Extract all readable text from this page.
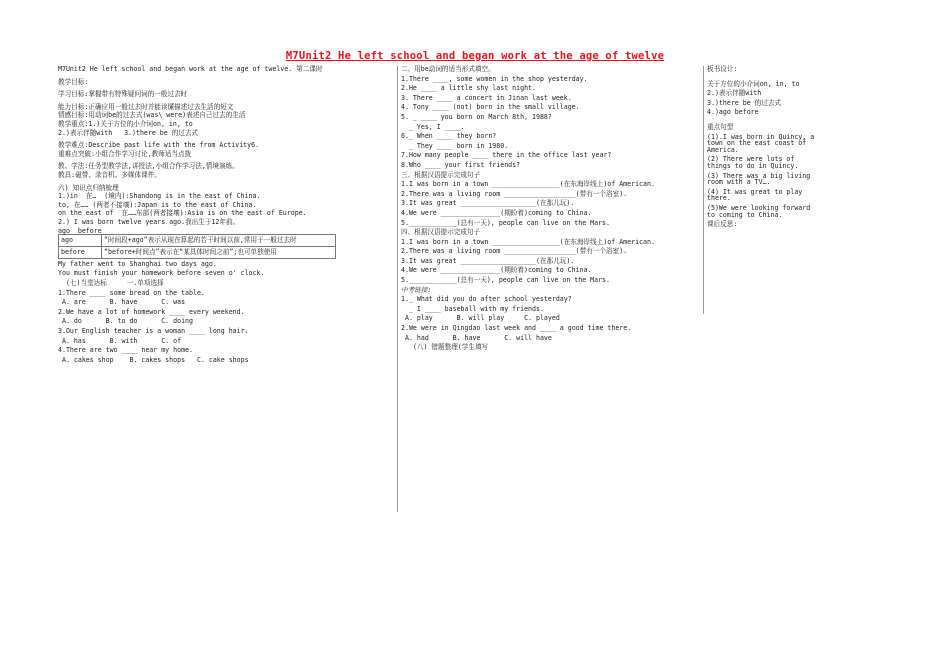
M7Unit2 He left school and began work at the age of twelve

M7Unit2 He left school and began work at the age of twelve. 第二课时

教学目标:

学习目标:掌握带有特殊疑问词的一般过去时

能力目标:正确应用一般过去时并能读懂描述过去生活的短文

情感目标:用动词be的过去式(was\ were)表述自己过去的生活

教学重点:1.)关于方位的小介词on, in, to

2.)表示伴随with   3.)there be 的过去式

教学难点:Describe past life with the from Activity6.

重难点突破:小组合作学习讨论,教师适当点拨

教、学法:任务型教学法,讲授法,小组合作学习法,情境演练。

教具:磁带、录音机、多媒体课件。

六) 知识点归纳梳理

1.)in  在…  (境内):Shandong is in the east of China.

to, 在…… (两者不接壤):Japan is to the east of China.

on the east of  在……东部(两者接壤):Asia is on the east of Europe.

2.) I was born twelve years ago.我出生于12年前。

ago  before

ago	“时间段+ago”表示从现在算起的若干时间以前,常用于一般过去时
before	“before+时间点”表示在“某具体时间之前”;也可单独使用

My father went to Shanghai two days ago.

You must finish your homework before seven o' clock.

(七)当堂达标     一.单项选择

1.There ____ some bread on the table.

A. are      B. have      C. was

2.We have a lot of homework ____ every weekend.

A. do      B. to do      C. doing

3.Our English teacher is a woman ____ long hair.

A. has      B. with      C. of

4.There are two ____ near my home.

A. cakes shop    B. cakes shops   C. cake shops

二、用be动词的适当形式填空。

1.There ____, some women in the shop yesterday.

2.He ____ a little shy last night.

3. There ____ a concert in Jinan last week.

4. Tony ____ (not) born in the small village.

5. _ ____ you born on March 8th, 1988?

_ Yes, I ____.

6._ When ____ they born?

_ They ____ born in 1980.

7.How many people ____ there in the office last year?

8.Who ____ your first friends?

三、根据汉语提示完成句子

1.I was born in a town _________________(在东海岸线上)of American.

2.There was a living room __________________(带有一个浴室).

3.It was great ___________________(在那儿玩).

4.We were _______________(期盼着)coming to China.

5.____________(总有一天), people can live on the Mars.

四、根据汉语提示完成句子

1.I was born in a town _________________(在东海岸线上)of American.

2.There was a living room __________________(带有一个浴室).

3.It was great ___________________(在那儿玩).

4.We were _______________(期盼着)coming to China.

5.____________(总有一天), people can live on the Mars.

中考链接:

1._ What did you do after school yesterday?

_ I ____ baseball with my friends.

A. play      B. will play     C. played

2.We were in Qingdao last week and ____ a good time there.

A. had      B. have      C. will have

(八) 错题整理(学生填写

板书设计:

关于方位的小介词on, in, to

2.)表示伴随with

3.)there be 的过去式

4.)ago before

重点句型

(1).I was born in Quincy, a town on the east coast of America.

(2) There were lots of things to do in Quincy.

(3) There was a big living room with a TV….

(4) It was great to play there.

(5)We were looking forward to coming to China.

课后反思:
